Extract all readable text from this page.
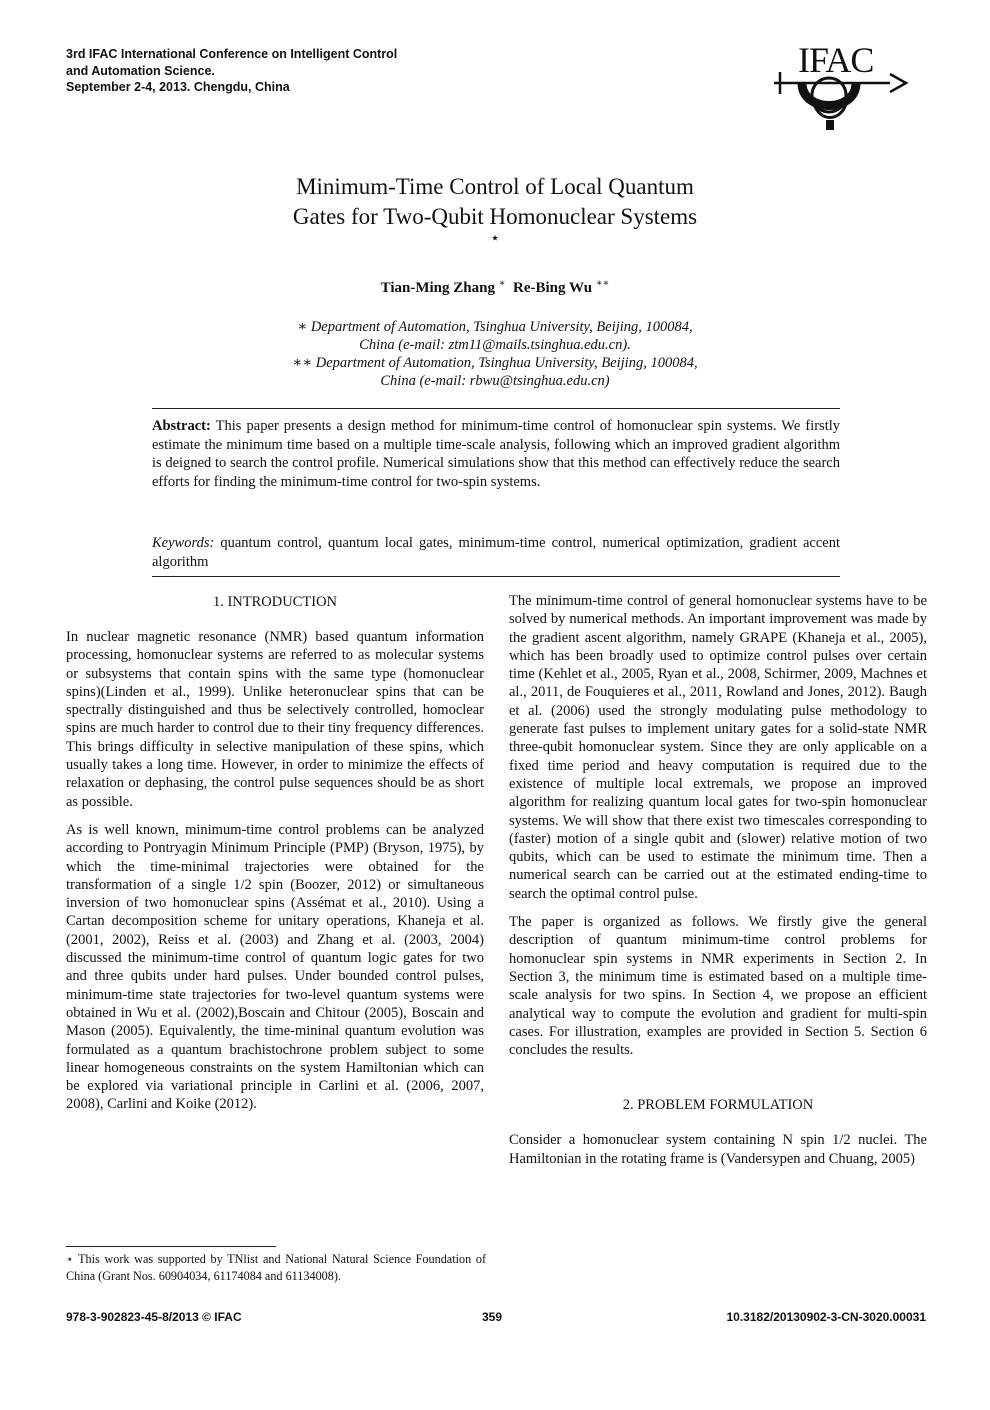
3rd IFAC International Conference on Intelligent Control
and Automation Science.
September 2-4, 2013. Chengdu, China
IFAC
Minimum-Time Control of Local Quantum
Gates for Two-Qubit Homonuclear Systems
⋆
Tian-Ming Zhang ∗ Re-Bing Wu ∗∗
∗ Department of Automation, Tsinghua University, Beijing, 100084,
China (e-mail: ztm11@mails.tsinghua.edu.cn).
∗∗ Department of Automation, Tsinghua University, Beijing, 100084,
China (e-mail: rbwu@tsinghua.edu.cn)
Abstract: This paper presents a design method for minimum-time control of homonuclear spin systems. We firstly estimate the minimum time based on a multiple time-scale analysis, following which an improved gradient algorithm is deigned to search the control profile. Numerical simulations show that this method can effectively reduce the search efforts for finding the minimum-time control for two-spin systems.
Keywords: quantum control, quantum local gates, minimum-time control, numerical optimization, gradient accent algorithm
1. INTRODUCTION

In nuclear magnetic resonance (NMR) based quantum information processing, homonuclear systems are referred to as molecular systems or subsystems that contain spins with the same type (homonuclear spins)(Linden et al., 1999). Unlike heteronuclear spins that can be spectrally distinguished and thus be selectively controlled, homoclear spins are much harder to control due to their tiny frequency differences. This brings difficulty in selective manipulation of these spins, which usually takes a long time. However, in order to minimize the effects of relaxation or dephasing, the control pulse sequences should be as short as possible.

As is well known, minimum-time control problems can be analyzed according to Pontryagin Minimum Principle (PMP) (Bryson, 1975), by which the time-minimal trajectories were obtained for the transformation of a single 1/2 spin (Boozer, 2012) or simultaneous inversion of two homonuclear spins (Assémat et al., 2010). Using a Cartan decomposition scheme for unitary operations, Khaneja et al. (2001, 2002), Reiss et al. (2003) and Zhang et al. (2003, 2004) discussed the minimum-time control of quantum logic gates for two and three qubits under hard pulses. Under bounded control pulses, minimum-time state trajectories for two-level quantum systems were obtained in Wu et al. (2002),Boscain and Chitour (2005), Boscain and Mason (2005). Equivalently, the time-mininal quantum evolution was formulated as a quantum brachistochrone problem subject to some linear homogeneous constraints on the system Hamiltonian which can be explored via variational principle in Carlini et al. (2006, 2007, 2008), Carlini and Koike (2012).

⋆ This work was supported by TNlist and National Natural Science Foundation of China (Grant Nos. 60904034, 61174084 and 61134008).

The minimum-time control of general homonuclear systems have to be solved by numerical methods. An important improvement was made by the gradient ascent algorithm, namely GRAPE (Khaneja et al., 2005), which has been broadly used to optimize control pulses over certain time (Kehlet et al., 2005, Ryan et al., 2008, Schirmer, 2009, Machnes et al., 2011, de Fouquieres et al., 2011, Rowland and Jones, 2012). Baugh et al. (2006) used the strongly modulating pulse methodology to generate fast pulses to implement unitary gates for a solid-state NMR three-qubit homonuclear system. Since they are only applicable on a fixed time period and heavy computation is required due to the existence of multiple local extremals, we propose an improved algorithm for realizing quantum local gates for two-spin homonuclear systems. We will show that there exist two timescales corresponding to (faster) motion of a single qubit and (slower) relative motion of two qubits, which can be used to estimate the minimum time. Then a numerical search can be carried out at the estimated ending-time to search the optimal control pulse.

The paper is organized as follows. We firstly give the general description of quantum minimum-time control problems for homonuclear spin systems in NMR experiments in Section 2. In Section 3, the minimum time is estimated based on a multiple time-scale analysis for two spins. In Section 4, we propose an efficient analytical way to compute the evolution and gradient for multi-spin cases. For illustration, examples are provided in Section 5. Section 6 concludes the results.

2. PROBLEM FORMULATION

Consider a homonuclear system containing N spin 1/2 nuclei. The Hamiltonian in the rotating frame is (Vandersypen and Chuang, 2005)

978-3-902823-45-8/2013 © IFAC	359	10.3182/20130902-3-CN-3020.00031
